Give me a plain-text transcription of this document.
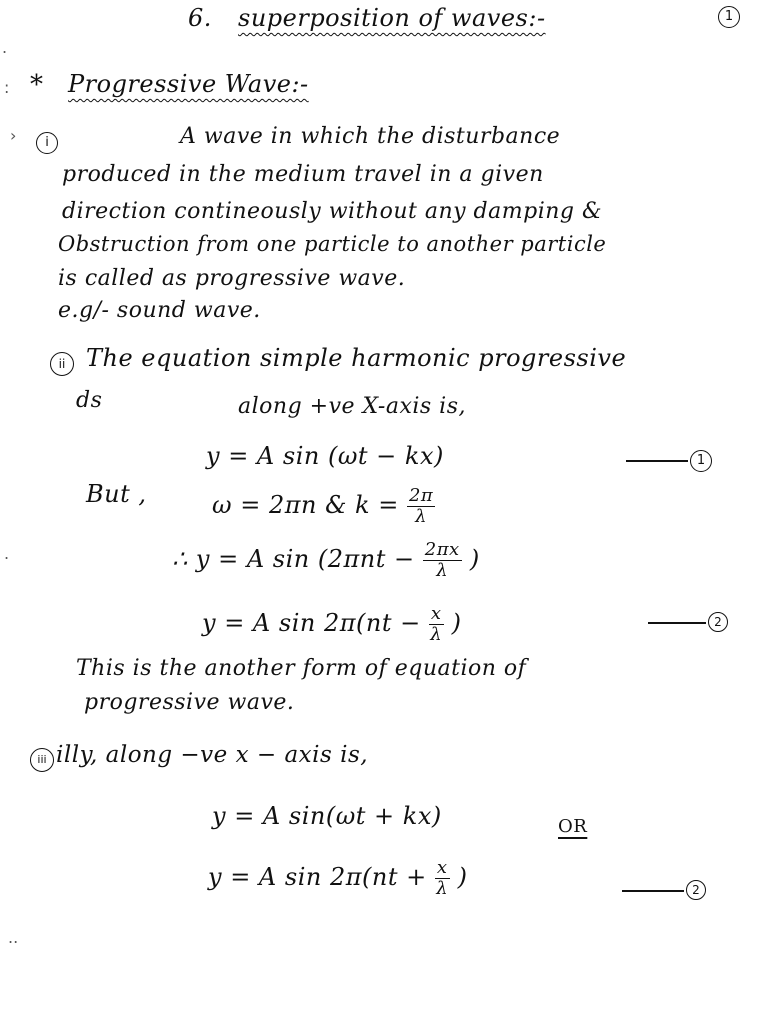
6. superposition of waves:-	1
.
:
›
.
..
* Progressive Wave:-
i	A wave in which the disturbance
produced in the medium travel in a given
direction contineously without any damping &
Obstruction from one particle to another particle
is called as progressive wave.
e.g/- sound wave.
ii The equation simple harmonic progressive
ds	along +ve X-axis is,
y = A sin (ωt − kx)	1
But ,	ω = 2πn & $k = \frac{2\pi}{\lambda}$
∴ y = A $\sin (2\pi nt - \frac{2\pi x}{\lambda}$ )
y = A $\sin 2\pi(nt - \frac{x}{\lambda}$ )	2
This is the another form of equation of
progressive wave.
iii illy, along −ve x − axis is,
y = A sin(ωt + kx)	OR
y = A $\sin 2\pi(nt + \frac{x}{\lambda}$ )	2
